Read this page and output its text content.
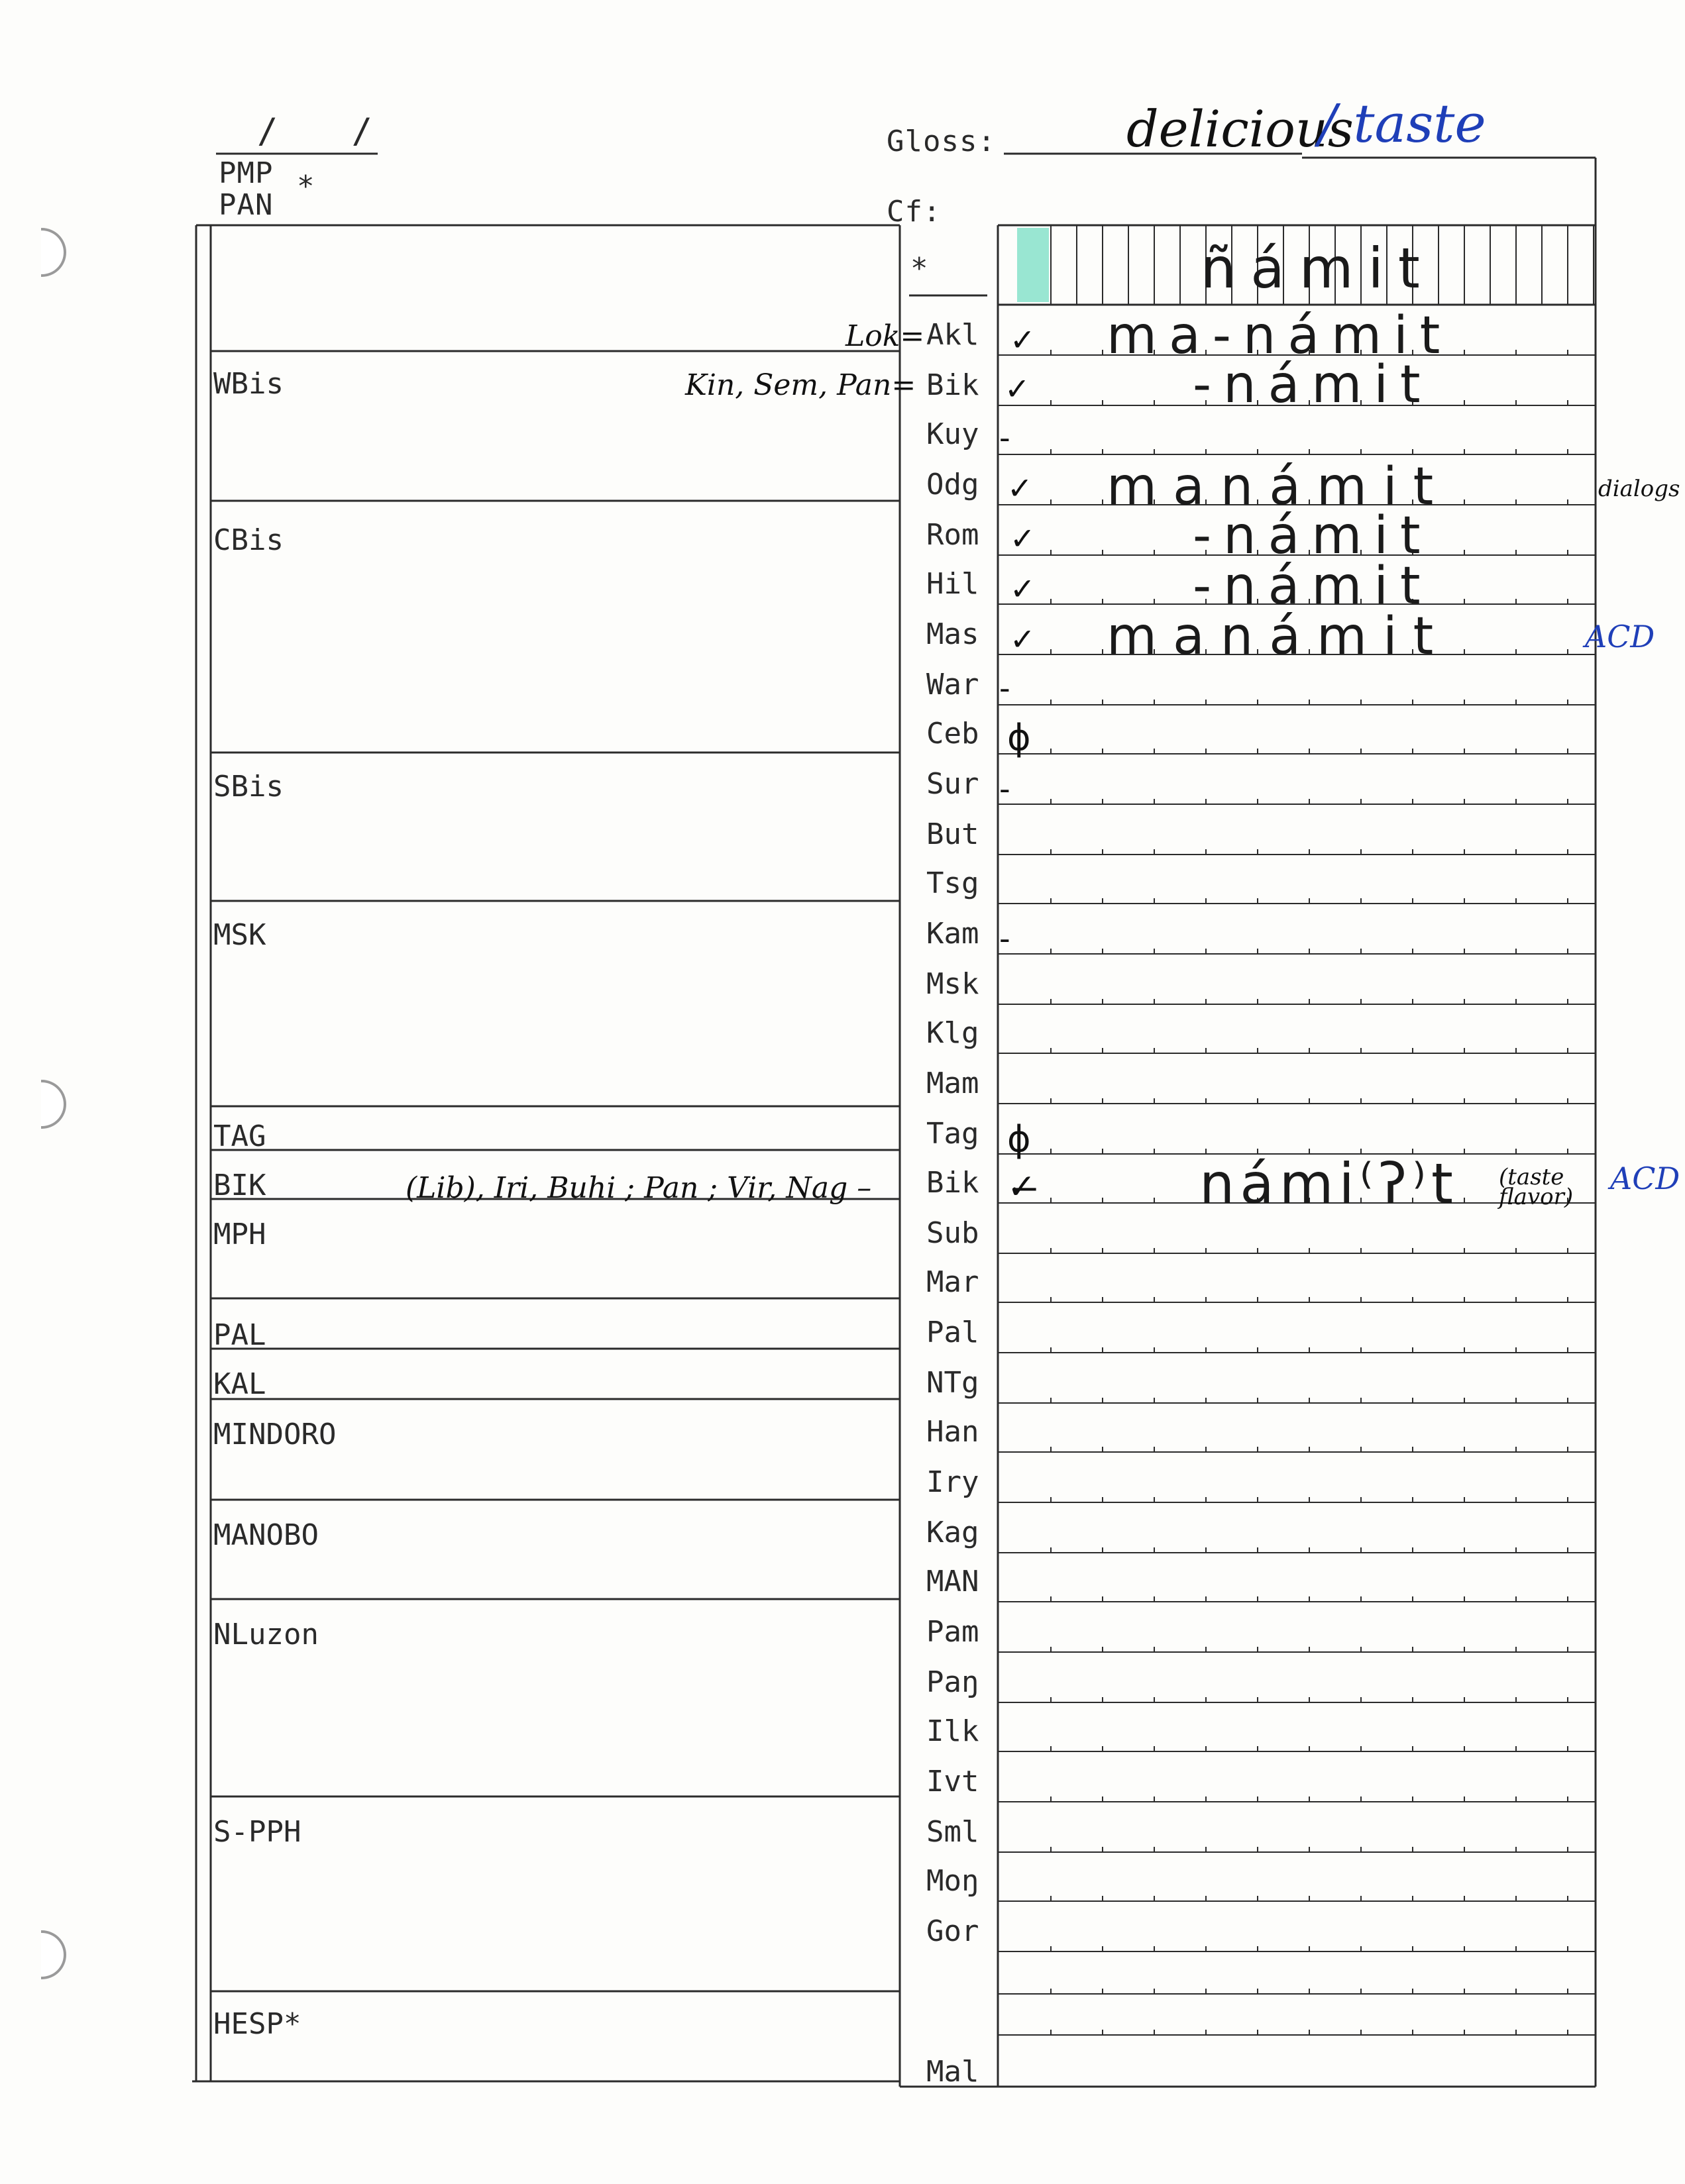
/ /
PMP *
PAN
Gloss:	delicious
/ taste
Cf:
*	ñámit
WBis
CBis
SBis
MSK
TAG
BIK
MPH
PAL
KAL
MINDORO
MANOBO
NLuzon
S-PPH
HESP*
Akl
Bik
Kuy
Odg
Rom
Hil
Mas
War
Ceb
Sur
But
Tsg
Kam
Msk
Klg
Mam
Tag
Bik
Sub
Mar
Pal
NTg
Han
Iry
Kag
MAN
Pam
Paŋ
Ilk
Ivt
Sml
Moŋ
Gor
Mal
Lok=
Kin, Sem, Pan=
(Lib), Iri, Buhi ; Pan ; Vir, Nag –
dialogs
ACD
(taste flavor)
ACD
✓
✓
-
✓
✓
✓
✓
-
ϕ
-
-
ϕ
✓̶
ma-námit
-námit
manámit
-námit
-námit
manámit
námi⁽ʔ⁾t
